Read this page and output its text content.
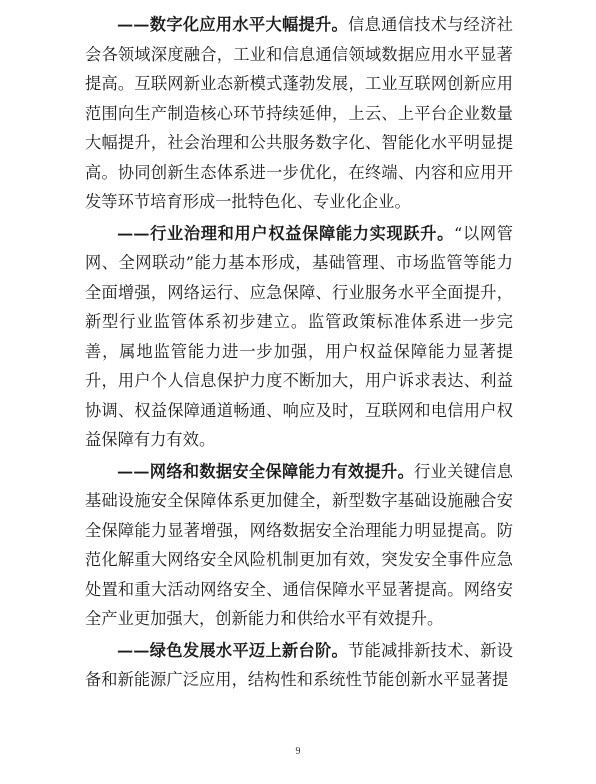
——数字化应用水平大幅提升。信息通信技术与经济社会各领域深度融合，工业和信息通信领域数据应用水平显著提高。互联网新业态新模式蓬勃发展，工业互联网创新应用范围向生产制造核心环节持续延伸，上云、上平台企业数量大幅提升，社会治理和公共服务数字化、智能化水平明显提高。协同创新生态体系进一步优化，在终端、内容和应用开发等环节培育形成一批特色化、专业化企业。

——行业治理和用户权益保障能力实现跃升。“以网管网、全网联动”能力基本形成，基础管理、市场监管等能力全面增强，网络运行、应急保障、行业服务水平全面提升，新型行业监管体系初步建立。监管政策标准体系进一步完善，属地监管能力进一步加强，用户权益保障能力显著提升，用户个人信息保护力度不断加大，用户诉求表达、利益协调、权益保障通道畅通、响应及时，互联网和电信用户权益保障有力有效。

——网络和数据安全保障能力有效提升。行业关键信息基础设施安全保障体系更加健全，新型数字基础设施融合安全保障能力显著增强，网络数据安全治理能力明显提高。防范化解重大网络安全风险机制更加有效，突发安全事件应急处置和重大活动网络安全、通信保障水平显著提高。网络安全产业更加强大，创新能力和供给水平有效提升。

——绿色发展水平迈上新台阶。节能减排新技术、新设备和新能源广泛应用，结构性和系统性节能创新水平显著提

9
